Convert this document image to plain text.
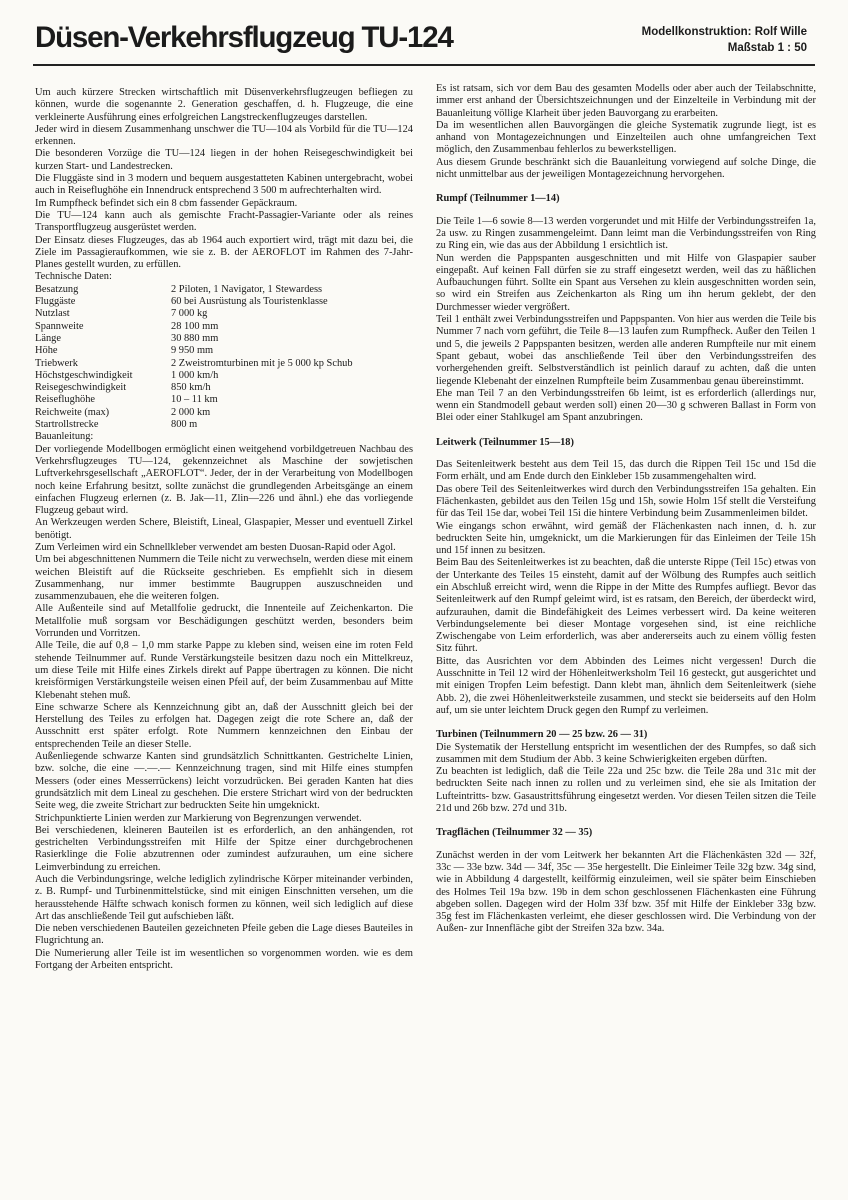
Düsen-Verkehrsflugzeug TU-124	Modellkonstruktion: Rolf Wille
Maßstab 1 : 50

Um auch kürzere Strecken wirtschaftlich mit Düsenverkehrsflugzeugen befliegen zu können, wurde die sogenannte 2. Generation geschaffen, d. h. Flugzeuge, die eine verkleinerte Ausführung eines erfolgreichen Langstreckenflugzeuges darstellen.

Jeder wird in diesem Zusammenhang unschwer die TU—104 als Vorbild für die TU—124 erkennen.

Die besonderen Vorzüge die TU—124 liegen in der hohen Reisegeschwindigkeit bei kurzen Start- und Landestrecken.

Die Fluggäste sind in 3 modern und bequem ausgestatteten Kabinen untergebracht, wobei auch in Reiseflughöhe ein Innendruck entsprechend 3 500 m aufrechterhalten wird.

Im Rumpfheck befindet sich ein 8 cbm fassender Gepäckraum.

Die TU—124 kann auch als gemischte Fracht-Passagier-Variante oder als reines Transportflugzeug ausgerüstet werden.

Der Einsatz dieses Flugzeuges, das ab 1964 auch exportiert wird, trägt mit dazu bei, die Ziele im Passagieraufkommen, wie sie z. B. der AEROFLOT im Rahmen des 7-Jahr-Planes gestellt wurden, zu erfüllen.

Technische Daten:

Besatzung	2 Piloten, 1 Navigator, 1 Stewardess
Fluggäste	60 bei Ausrüstung als Touristenklasse
Nutzlast	7 000 kg
Spannweite	28 100 mm
Länge	30 880 mm
Höhe	9 950 mm
Triebwerk	2 Zweistromturbinen mit je 5 000 kp Schub
Höchstgeschwindigkeit	1 000 km/h
Reisegeschwindigkeit	850 km/h
Reiseflughöhe	10 – 11 km
Reichweite (max)	2 000 km
Startrollstrecke	800 m

Bauanleitung:

Der vorliegende Modellbogen ermöglicht einen weitgehend vorbildgetreuen Nachbau des Verkehrsflugzeuges TU—124, gekennzeichnet als Maschine der sowjetischen Luftverkehrsgesellschaft „AEROFLOT“. Jeder, der in der Verarbeitung von Modellbogen noch keine Erfahrung besitzt, sollte zunächst die grundlegenden Arbeitsgänge an einem einfachen Flugzeug erlernen (z. B. Jak—11, Zlin—226 und ähnl.) ehe das vorliegende Flugzeug gebaut wird.

An Werkzeugen werden Schere, Bleistift, Lineal, Glaspapier, Messer und eventuell Zirkel benötigt.

Zum Verleimen wird ein Schnellkleber verwendet am besten Duosan-Rapid oder Agol.

Um bei abgeschnittenen Nummern die Teile nicht zu verwechseln, werden diese mit einem weichen Bleistift auf die Rückseite geschrieben. Es empfiehlt sich in diesem Zusammenhang, nur immer bestimmte Baugruppen auszuschneiden und zusammenzubauen, ehe die weiteren folgen.

Alle Außenteile sind auf Metallfolie gedruckt, die Innenteile auf Zeichenkarton. Die Metallfolie muß sorgsam vor Beschädigungen geschützt werden, besonders beim Vorrunden und Vorritzen.

Alle Teile, die auf 0,8 – 1,0 mm starke Pappe zu kleben sind, weisen eine im roten Feld stehende Teilnummer auf. Runde Verstärkungsteile besitzen dazu noch ein Mittelkreuz, um diese Teile mit Hilfe eines Zirkels direkt auf Pappe übertragen zu können. Die nicht kreisförmigen Verstärkungsteile weisen einen Pfeil auf, der beim Zusammenbau auf Mitte Klebenaht stehen muß.

Eine schwarze Schere als Kennzeichnung gibt an, daß der Ausschnitt gleich bei der Herstellung des Teiles zu erfolgen hat. Dagegen zeigt die rote Schere an, daß der Ausschnitt erst später erfolgt. Rote Nummern kennzeichnen den Einbau der entsprechenden Teile an dieser Stelle.

Außenliegende schwarze Kanten sind grundsätzlich Schnittkanten. Gestrichelte Linien, bzw. solche, die eine —.—.— Kennzeichnung tragen, sind mit Hilfe eines stumpfen Messers (oder eines Messerrückens) leicht vorzudrücken. Bei geraden Kanten hat dies grundsätzlich mit dem Lineal zu geschehen. Die erstere Strichart wird von der bedruckten Seite weg, die zweite Strichart zur bedruckten Seite hin umgeknickt.

Strichpunktierte Linien werden zur Markierung von Begrenzungen verwendet.

Bei verschiedenen, kleineren Bauteilen ist es erforderlich, an den anhängenden, rot gestrichelten Verbindungsstreifen mit Hilfe der Spitze einer durchgebrochenen Rasierklinge die Folie abzutrennen oder zumindest aufzurauhen, um eine sichere Leimverbindung zu erreichen.

Auch die Verbindungsringe, welche lediglich zylindrische Körper miteinander verbinden, z. B. Rumpf- und Turbinenmittelstücke, sind mit einigen Einschnitten versehen, um die herausstehende Hälfte schwach konisch formen zu können, weil sich lediglich auf diese Art das anschließende Teil gut aufschieben läßt.

Die neben verschiedenen Bauteilen gezeichneten Pfeile geben die Lage dieses Bauteiles in Flugrichtung an.

Die Numerierung aller Teile ist im wesentlichen so vorgenommen worden. wie es dem Fortgang der Arbeiten entspricht.

Es ist ratsam, sich vor dem Bau des gesamten Modells oder aber auch der Teilabschnitte, immer erst anhand der Übersichtszeichnungen und der Einzelteile in Verbindung mit der Bauanleitung völlige Klarheit über jeden Bauvorgang zu erarbeiten.

Da im wesentlichen allen Bauvorgängen die gleiche Systematik zugrunde liegt, ist es anhand von Montagezeichnungen und Einzelteilen auch ohne umfangreichen Text möglich, den Zusammenbau fehlerlos zu bewerkstelligen.

Aus diesem Grunde beschränkt sich die Bauanleitung vorwiegend auf solche Dinge, die nicht unmittelbar aus der jeweiligen Montagezeichnung hervorgehen.

Rumpf (Teilnummer 1—14)

Die Teile 1—6 sowie 8—13 werden vorgerundet und mit Hilfe der Verbindungsstreifen 1a, 2a usw. zu Ringen zusammengeleimt. Dann leimt man die Verbindungsstreifen von Ring zu Ring ein, wie das aus der Abbildung 1 ersichtlich ist.

Nun werden die Pappspanten ausgeschnitten und mit Hilfe von Glaspapier sauber eingepaßt. Auf keinen Fall dürfen sie zu straff eingesetzt werden, weil das zu häßlichen Aufbauchungen führt. Sollte ein Spant aus Versehen zu klein ausgeschnitten worden sein, so wird ein Streifen aus Zeichenkarton als Ring um ihn herum geklebt, der den Durchmesser wieder vergrößert.

Teil 1 enthält zwei Verbindungsstreifen und Pappspanten. Von hier aus werden die Teile bis Nummer 7 nach vorn geführt, die Teile 8—13 laufen zum Rumpfheck. Außer den Teilen 1 und 5, die jeweils 2 Pappspanten besitzen, werden alle anderen Rumpfteile nur mit einem Spant gebaut, wobei das anschließende Teil über den Verbindungsstreifen des vorhergehenden greift. Selbstverständlich ist peinlich darauf zu achten, daß die unten liegende Klebenaht der einzelnen Rumpfteile beim Zusammenbau genau übereinstimmt.

Ehe man Teil 7 an den Verbindungsstreifen 6b leimt, ist es erforderlich (allerdings nur, wenn ein Standmodell gebaut werden soll) einen 20—30 g schweren Ballast in Form von Blei oder einer Stahlkugel am Spant anzubringen.

Leitwerk (Teilnummer 15—18)

Das Seitenleitwerk besteht aus dem Teil 15, das durch die Rippen Teil 15c und 15d die Form erhält, und am Ende durch den Einkleber 15b zusammengehalten wird.

Das obere Teil des Seitenleitwerkes wird durch den Verbindungsstreifen 15a gehalten. Ein Flächenkasten, gebildet aus den Teilen 15g und 15h, sowie Holm 15f stellt die Versteifung für das Teil 15e dar, wobei Teil 15i die hintere Verbindung beim Zusammenleimen bildet.

Wie eingangs schon erwähnt, wird gemäß der Flächenkasten nach innen, d. h. zur bedruckten Seite hin, umgeknickt, um die Markierungen für das Einleimen der Teile 15h und 15f innen zu besitzen.

Beim Bau des Seitenleitwerkes ist zu beachten, daß die unterste Rippe (Teil 15c) etwas von der Unterkante des Teiles 15 einsteht, damit auf der Wölbung des Rumpfes auch seitlich ein Abschluß erreicht wird, wenn die Rippe in der Mitte des Rumpfes aufliegt. Bevor das Seitenleitwerk auf den Rumpf geleimt wird, ist es ratsam, den Bereich, der überdeckt wird, aufzurauhen, damit die Bindefähigkeit des Leimes verbessert wird. Da keine weiteren Verbindungselemente bei dieser Montage vorgesehen sind, ist eine reichliche Zwischengabe von Leim erforderlich, was aber andererseits auch zu einem völlig festen Sitz führt.

Bitte, das Ausrichten vor dem Abbinden des Leimes nicht vergessen! Durch die Ausschnitte in Teil 12 wird der Höhenleitwerksholm Teil 16 gesteckt, gut ausgerichtet und mit einigen Tropfen Leim befestigt. Dann klebt man, ähnlich dem Seitenleitwerk (siehe Abb. 2), die zwei Höhenleitwerksteile zusammen, und steckt sie beiderseits auf den Holm auf, um sie unter leichtem Druck gegen den Rumpf zu verleimen.

Turbinen (Teilnummern 20 — 25 bzw. 26 — 31)

Die Systematik der Herstellung entspricht im wesentlichen der des Rumpfes, so daß sich zusammen mit dem Studium der Abb. 3 keine Schwierigkeiten ergeben dürften.

Zu beachten ist lediglich, daß die Teile 22a und 25c bzw. die Teile 28a und 31c mit der bedruckten Seite nach innen zu rollen und zu verleimen sind, ehe sie als Imitation der Lufteintritts- bzw. Gasaustrittsführung eingesetzt werden. Vor diesen Teilen sitzen die Teile 21d und 26b bzw. 27d und 31b.

Tragflächen (Teilnummer 32 — 35)

Zunächst werden in der vom Leitwerk her bekannten Art die Flächenkästen 32d — 32f, 33c — 33e bzw. 34d — 34f, 35c — 35e hergestellt. Die Einleimer Teile 32g bzw. 34g sind, wie in Abbildung 4 dargestellt, keilförmig einzuleimen, weil sie später beim Einschieben des Holmes Teil 19a bzw. 19b in dem schon geschlossenen Flächenkasten eine Führung abgeben sollen. Dagegen wird der Holm 33f bzw. 35f mit Hilfe der Einkleber 33g bzw. 35g fest im Flächenkasten verleimt, ehe dieser geschlossen wird. Die Verbindung von der Außen- zur Innenfläche gibt der Streifen 32a bzw. 34a.
